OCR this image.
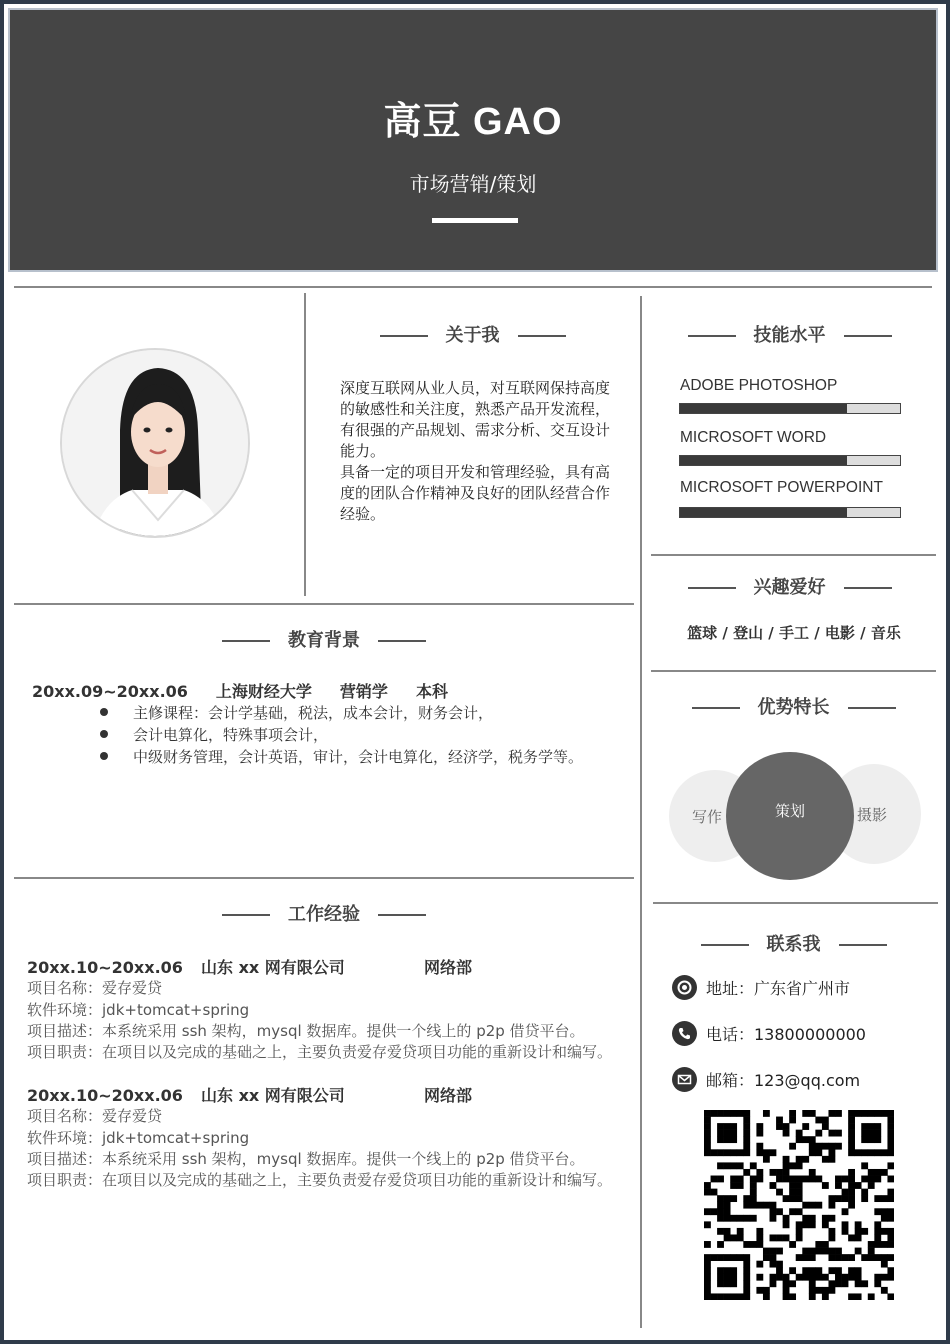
高豆 GAO
市场营销/策划
关于我
深度互联网从业人员，对互联网保持高度的敏感性和关注度，熟悉产品开发流程，有很强的产品规划、需求分析、交互设计能力。
具备一定的项目开发和管理经验，具有高度的团队合作精神及良好的团队经营合作经验。
技能水平
ADOBE PHOTOSHOP
MICROSOFT WORD
MICROSOFT POWERPOINT
兴趣爱好
篮球 / 登山 / 手工 / 电影 / 音乐
优势特长
写作	摄影
策划
教育背景
20xx.09~20xx.06 上海财经大学 营销学 本科
主修课程：会计学基础，税法，成本会计，财务会计，
会计电算化，特殊事项会计，
中级财务管理，会计英语，审计，会计电算化，经济学，税务学等。
工作经验
20xx.10~20xx.06 山东 xx 网有限公司	网络部
项目名称：爱存爱贷
软件环境：jdk+tomcat+spring
项目描述：本系统采用 ssh 架构，mysql 数据库。提供一个线上的 p2p 借贷平台。
项目职责：在项目以及完成的基础之上，主要负责爱存爱贷项目功能的重新设计和编写。
20xx.10~20xx.06 山东 xx 网有限公司	网络部
项目名称：爱存爱贷
软件环境：jdk+tomcat+spring
项目描述：本系统采用 ssh 架构，mysql 数据库。提供一个线上的 p2p 借贷平台。
项目职责：在项目以及完成的基础之上，主要负责爱存爱贷项目功能的重新设计和编写。
联系我
地址：广东省广州市
电话：13800000000
邮箱：123@qq.com
